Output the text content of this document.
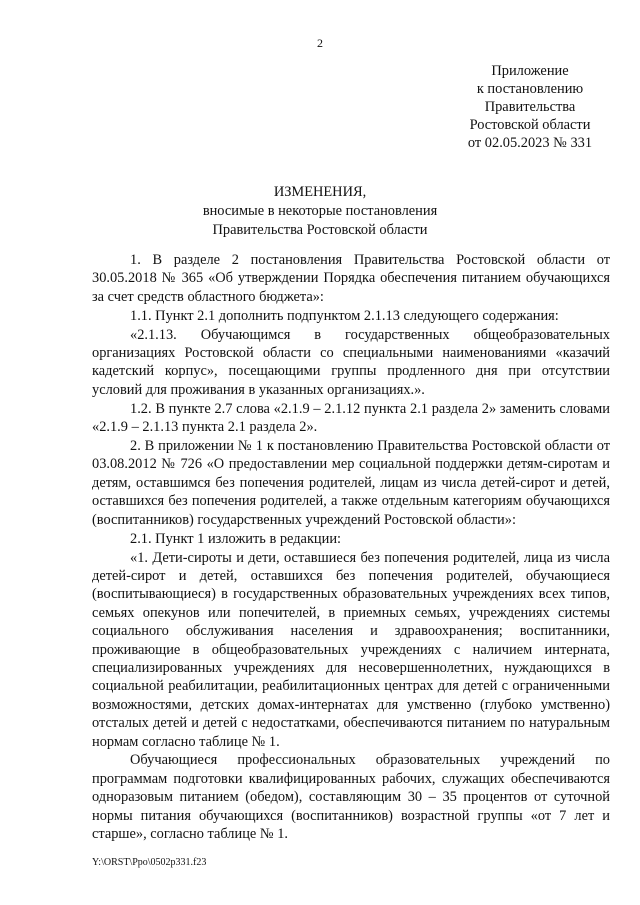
2
Приложение
к постановлению
Правительства
Ростовской области
от 02.05.2023 № 331
ИЗМЕНЕНИЯ,
вносимые в некоторые постановления
Правительства Ростовской области

1. В разделе 2 постановления Правительства Ростовской области от 30.05.2018 № 365 «Об утверждении Порядка обеспечения питанием обучающихся за счет средств областного бюджета»:

1.1. Пункт 2.1 дополнить подпунктом 2.1.13 следующего содержания:

«2.1.13. Обучающимся в государственных общеобразовательных организациях Ростовской области со специальными наименованиями «казачий кадетский корпус», посещающими группы продленного дня при отсутствии условий для проживания в указанных организациях.».

1.2. В пункте 2.7 слова «2.1.9 – 2.1.12 пункта 2.1 раздела 2» заменить словами «2.1.9 – 2.1.13 пункта 2.1 раздела 2».

2. В приложении № 1 к постановлению Правительства Ростовской области от 03.08.2012 № 726 «О предоставлении мер социальной поддержки детям-сиротам и детям, оставшимся без попечения родителей, лицам из числа детей-сирот и детей, оставшихся без попечения родителей, а также отдельным категориям обучающихся (воспитанников) государственных учреждений Ростовской области»:

2.1. Пункт 1 изложить в редакции:

«1. Дети-сироты и дети, оставшиеся без попечения родителей, лица из числа детей-сирот и детей, оставшихся без попечения родителей, обучающиеся (воспитывающиеся) в государственных образовательных учреждениях всех типов, семьях опекунов или попечителей, в приемных семьях, учреждениях системы социального обслуживания населения и здравоохранения; воспитанники, проживающие в общеобразовательных учреждениях с наличием интерната, специализированных учреждениях для несовершеннолетних, нуждающихся в социальной реабилитации, реабилитационных центрах для детей с ограниченными возможностями, детских домах-интернатах для умственно (глубоко умственно) отсталых детей и детей с недостатками, обеспечиваются питанием по натуральным нормам согласно таблице № 1.

Обучающиеся профессиональных образовательных учреждений по программам подготовки квалифицированных рабочих, служащих обеспечиваются одноразовым питанием (обедом), составляющим 30 – 35 процентов от суточной нормы питания обучающихся (воспитанников) возрастной группы «от 7 лет и старше», согласно таблице № 1.

Y:\ORST\Ppo\0502p331.f23
